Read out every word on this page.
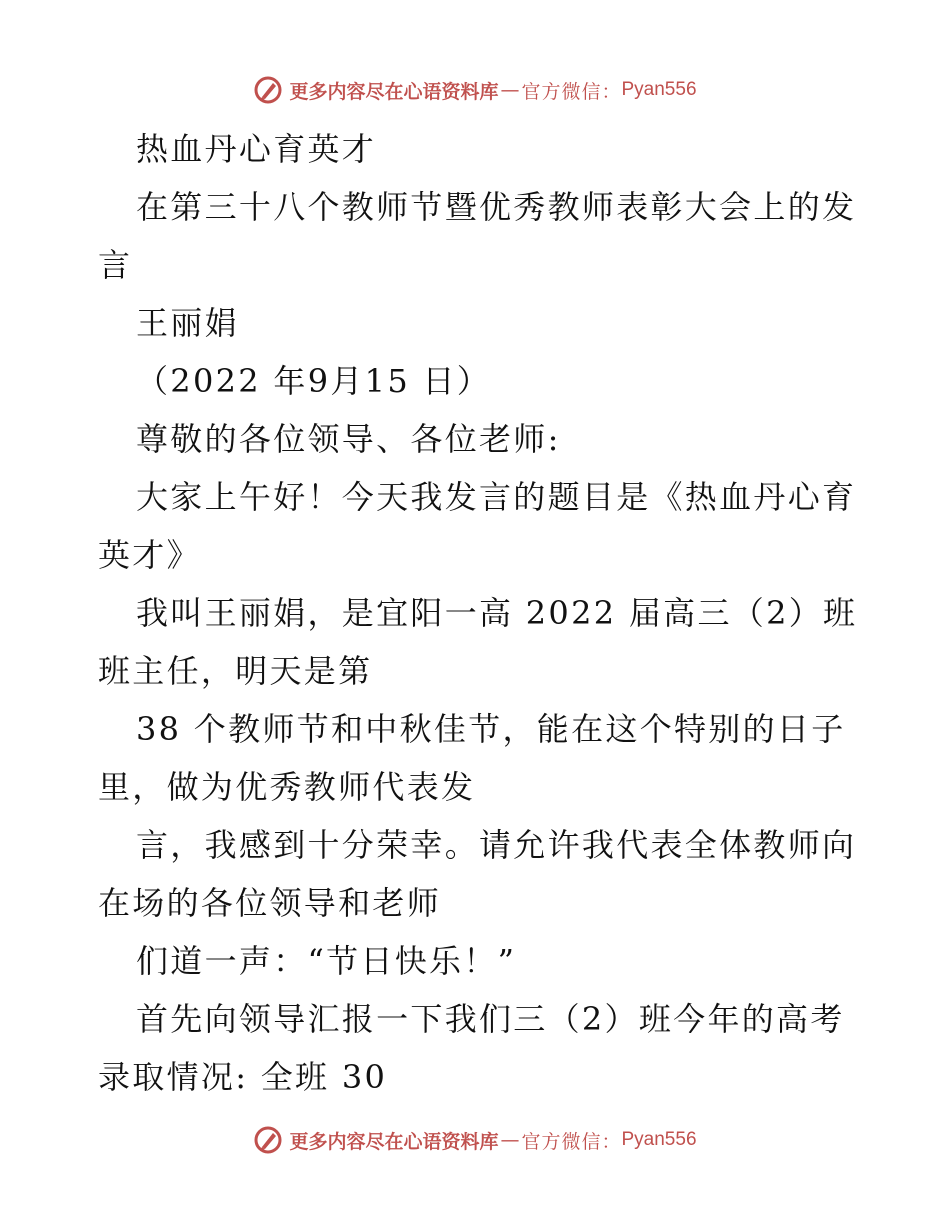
更多内容尽在心语资料库 — 官方微信： Pyan556
热血丹心育英才
在第三十八个教师节暨优秀教师表彰大会上的发
言
王丽娟
（2022 年9月15 日）
尊敬的各位领导、各位老师:
大家上午好！今天我发言的题目是《热血丹心育
英才》
我叫王丽娟，是宜阳一高 2022 届高三（2）班
班主任，明天是第
38 个教师节和中秋佳节，能在这个特别的日子
里，做为优秀教师代表发
言，我感到十分荣幸。请允许我代表全体教师向
在场的各位领导和老师
们道一声：“节日快乐！”
首先向领导汇报一下我们三（2）班今年的高考
录取情况: 全班 30
更多内容尽在心语资料库 — 官方微信： Pyan556
